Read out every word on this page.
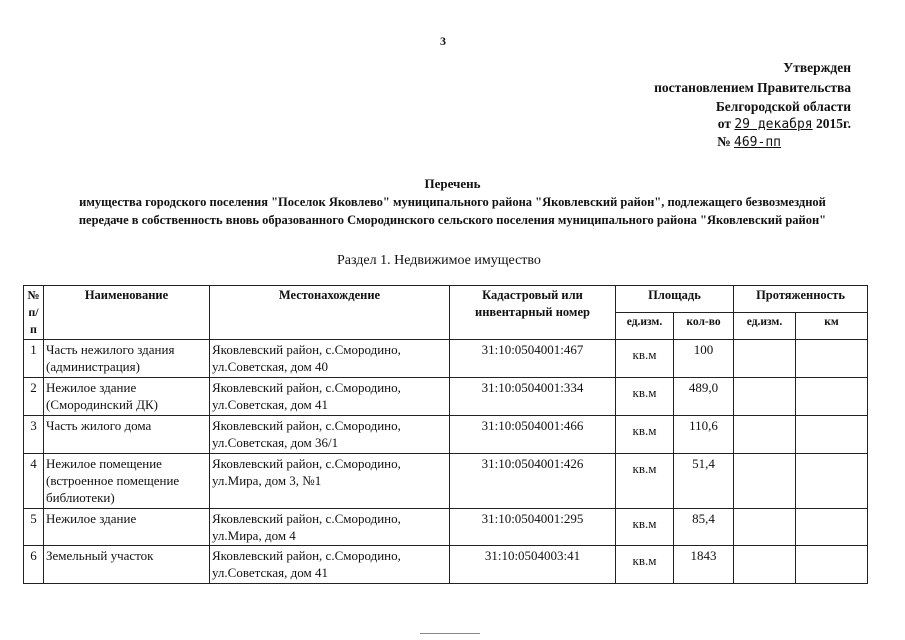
3
Утвержден
постановлением Правительства
Белгородской области
от 29 декабря 2015г.
№ 469-пп
Перечень
имущества городского поселения "Поселок Яковлево" муниципального района "Яковлевский район", подлежащего безвозмездной
передаче в собственность вновь образованного Смородинского сельского поселения муниципального района "Яковлевский район"
Раздел 1. Недвижимое имущество
№ п/п	Наименование	Местонахождение	Кадастровый или инвентарный номер	Площадь		Протяженность	
				ед.изм.	кол-во	ед.изм.	км
1	Часть нежилого здания (администрация)	Яковлевский район, с.Смородино, ул.Советская, дом 40	31:10:0504001:467	кв.м	100		
2	Нежилое здание (Смородинский ДК)	Яковлевский район, с.Смородино, ул.Советская, дом 41	31:10:0504001:334	кв.м	489,0		
3	Часть жилого дома	Яковлевский район, с.Смородино, ул.Советская, дом 36/1	31:10:0504001:466	кв.м	110,6		
4	Нежилое помещение (встроенное помещение библиотеки)	Яковлевский район, с.Смородино, ул.Мира, дом 3, №1	31:10:0504001:426	кв.м	51,4		
5	Нежилое здание	Яковлевский район, с.Смородино, ул.Мира, дом 4	31:10:0504001:295	кв.м	85,4		
6	Земельный участок	Яковлевский район, с.Смородино, ул.Советская, дом 41	31:10:0504003:41	кв.м	1843		
